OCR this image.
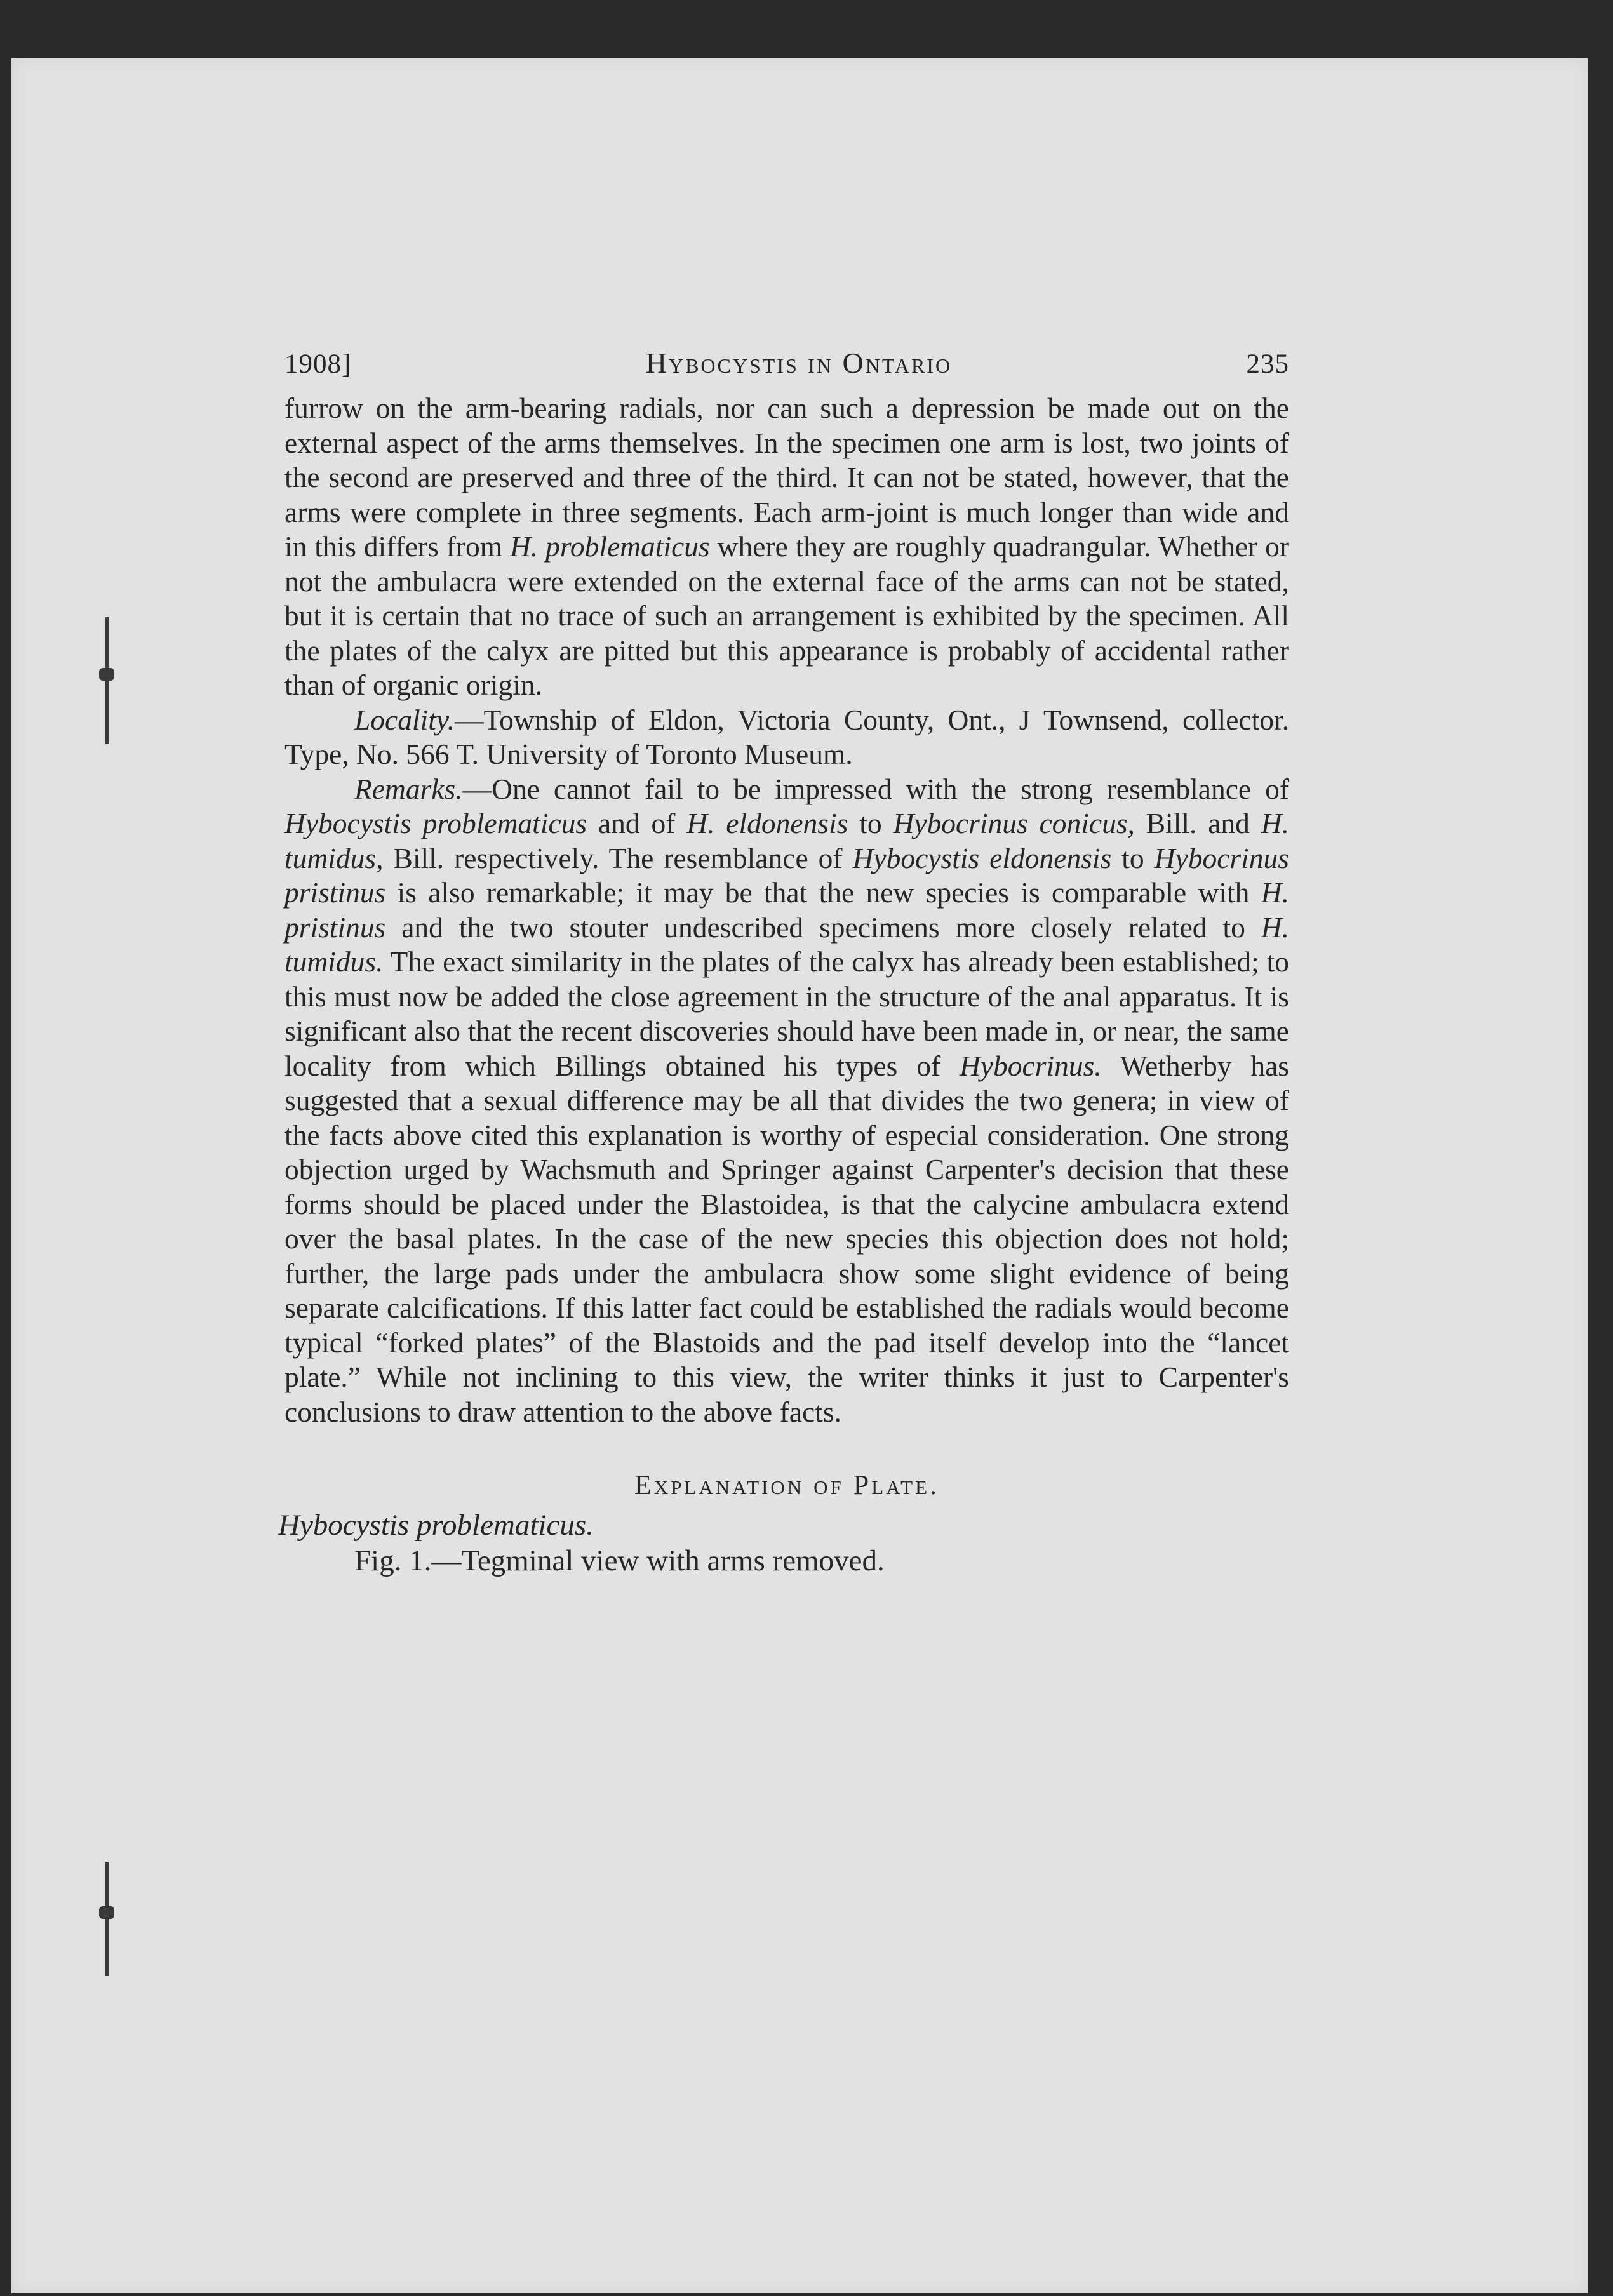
1908]	Hybocystis in Ontario	235

furrow on the arm-bearing radials, nor can such a depression be made out on the external aspect of the arms themselves. In the specimen one arm is lost, two joints of the second are preserved and three of the third. It can not be stated, however, that the arms were complete in three segments. Each arm-joint is much longer than wide and in this differs from H. problematicus where they are roughly quadrangular. Whether or not the ambulacra were extended on the external face of the arms can not be stated, but it is certain that no trace of such an arrangement is exhibited by the specimen. All the plates of the calyx are pitted but this appearance is probably of accidental rather than of organic origin.

Locality.—Township of Eldon, Victoria County, Ont., J Townsend, collector. Type, No. 566 T. University of Toronto Museum.

Remarks.—One cannot fail to be impressed with the strong resemblance of Hybocystis problematicus and of H. eldonensis to Hybocrinus conicus, Bill. and H. tumidus, Bill. respectively. The resemblance of Hybocystis eldonensis to Hybocrinus pristinus is also remarkable; it may be that the new species is comparable with H. pristinus and the two stouter undescribed specimens more closely related to H. tumidus. The exact similarity in the plates of the calyx has already been established; to this must now be added the close agreement in the structure of the anal apparatus. It is significant also that the recent discoveries should have been made in, or near, the same locality from which Billings obtained his types of Hybocrinus. Wetherby has suggested that a sexual difference may be all that divides the two genera; in view of the facts above cited this explanation is worthy of especial consideration. One strong objection urged by Wachsmuth and Springer against Carpenter's decision that these forms should be placed under the Blastoidea, is that the calycine ambulacra extend over the basal plates. In the case of the new species this objection does not hold; further, the large pads under the ambulacra show some slight evidence of being separate calcifications. If this latter fact could be established the radials would become typical “forked plates” of the Blastoids and the pad itself develop into the “lancet plate.” While not inclining to this view, the writer thinks it just to Carpenter's conclusions to draw attention to the above facts.

Explanation of Plate.
Hybocystis problematicus.
Fig. 1.—Tegminal view with arms removed.
